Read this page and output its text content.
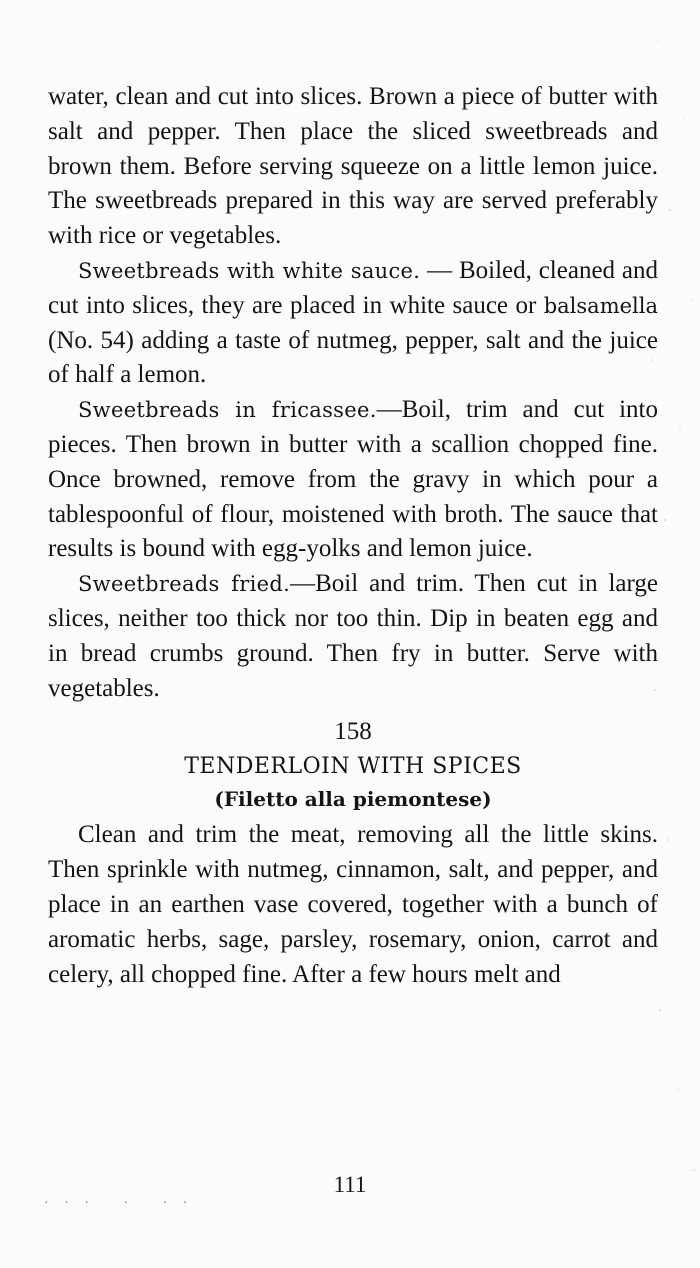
water, clean and cut into slices. Brown a piece of butter with salt and pepper. Then place the sliced sweetbreads and brown them. Before serving squeeze on a little lemon juice. The sweetbreads prepared in this way are served preferably with rice or vegetables.

Sweetbreads with white sauce. — Boiled, cleaned and cut into slices, they are placed in white sauce or balsamella (No. 54) adding a taste of nutmeg, pepper, salt and the juice of half a lemon.

Sweetbreads in fricassee.—Boil, trim and cut into pieces. Then brown in butter with a scallion chopped fine. Once browned, remove from the gravy in which pour a tablespoonful of flour, moistened with broth. The sauce that results is bound with egg-yolks and lemon juice.

Sweetbreads fried.—Boil and trim. Then cut in large slices, neither too thick nor too thin. Dip in beaten egg and in bread crumbs ground. Then fry in butter. Serve with vegetables.

158
TENDERLOIN WITH SPICES
(Filetto alla piemontese)

Clean and trim the meat, removing all the little skins. Then sprinkle with nutmeg, cinnamon, salt, and pepper, and place in an earthen vase covered, together with a bunch of aromatic herbs, sage, parsley, rosemary, onion, carrot and celery, all chopped fine. After a few hours melt and

111
· · ·   ·   · ·
